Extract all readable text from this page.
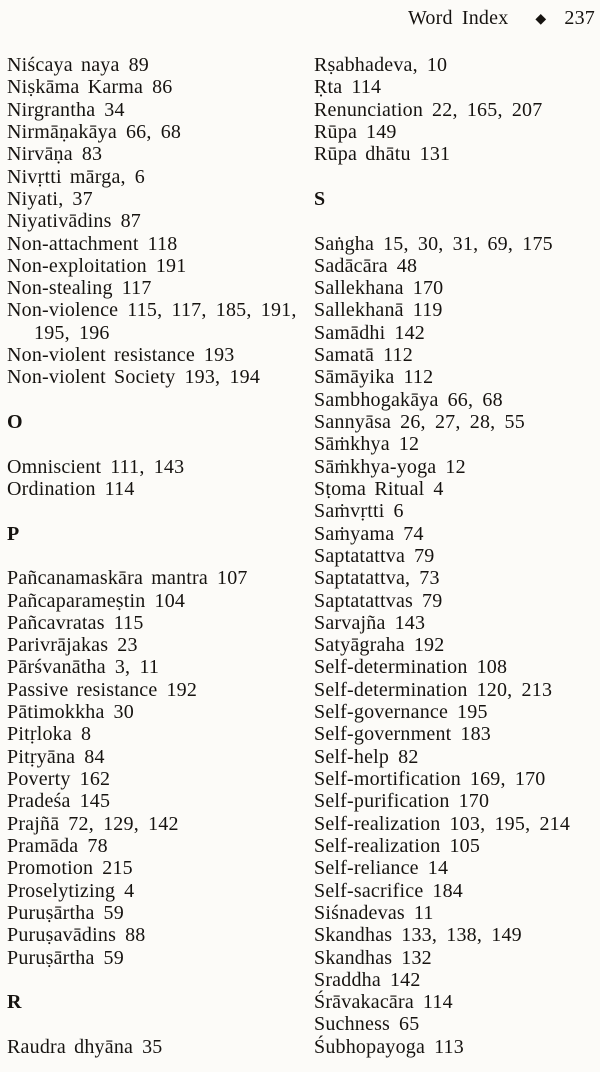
Word Index ◆ 237
Niścaya naya 89
Niṣkāma Karma 86
Nirgrantha 34
Nirmāṇakāya 66, 68
Nirvāṇa 83
Nivṛtti mārga, 6
Niyati, 37
Niyativādins 87
Non-attachment 118
Non-exploitation 191
Non-stealing 117
Non-violence 115, 117, 185, 191,
195, 196
Non-violent resistance 193
Non-violent Society 193, 194
O
Omniscient 111, 143
Ordination 114
P
Pañcanamaskāra mantra 107
Pañcaparameṣtin 104
Pañcavratas 115
Parivrājakas 23
Pārśvanātha 3, 11
Passive resistance 192
Pātimokkha 30
Pitṛloka 8
Pitṛyāna 84
Poverty 162
Pradeśa 145
Prajñā 72, 129, 142
Pramāda 78
Promotion 215
Proselytizing 4
Puruṣārtha 59
Puruṣavādins 88
Puruṣārtha 59
R
Raudra dhyāna 35
Rṣabhadeva, 10
Ṛta 114
Renunciation 22, 165, 207
Rūpa 149
Rūpa dhātu 131
S
Saṅgha 15, 30, 31, 69, 175
Sadācāra 48
Sallekhana 170
Sallekhanā 119
Samādhi 142
Samatā 112
Sāmāyika 112
Sambhogakāya 66, 68
Sannyāsa 26, 27, 28, 55
Sāṁkhya 12
Sāṁkhya-yoga 12
Sṭoma Ritual 4
Saṁvṛtti 6
Saṁyama 74
Saptatattva 79
Saptatattva, 73
Saptatattvas 79
Sarvajña 143
Satyāgraha 192
Self-determination 108
Self-determination 120, 213
Self-governance 195
Self-government 183
Self-help 82
Self-mortification 169, 170
Self-purification 170
Self-realization 103, 195, 214
Self-realization 105
Self-reliance 14
Self-sacrifice 184
Siśnadevas 11
Skandhas 133, 138, 149
Skandhas 132
Sraddha 142
Śrāvakacāra 114
Suchness 65
Śubhopayoga 113
